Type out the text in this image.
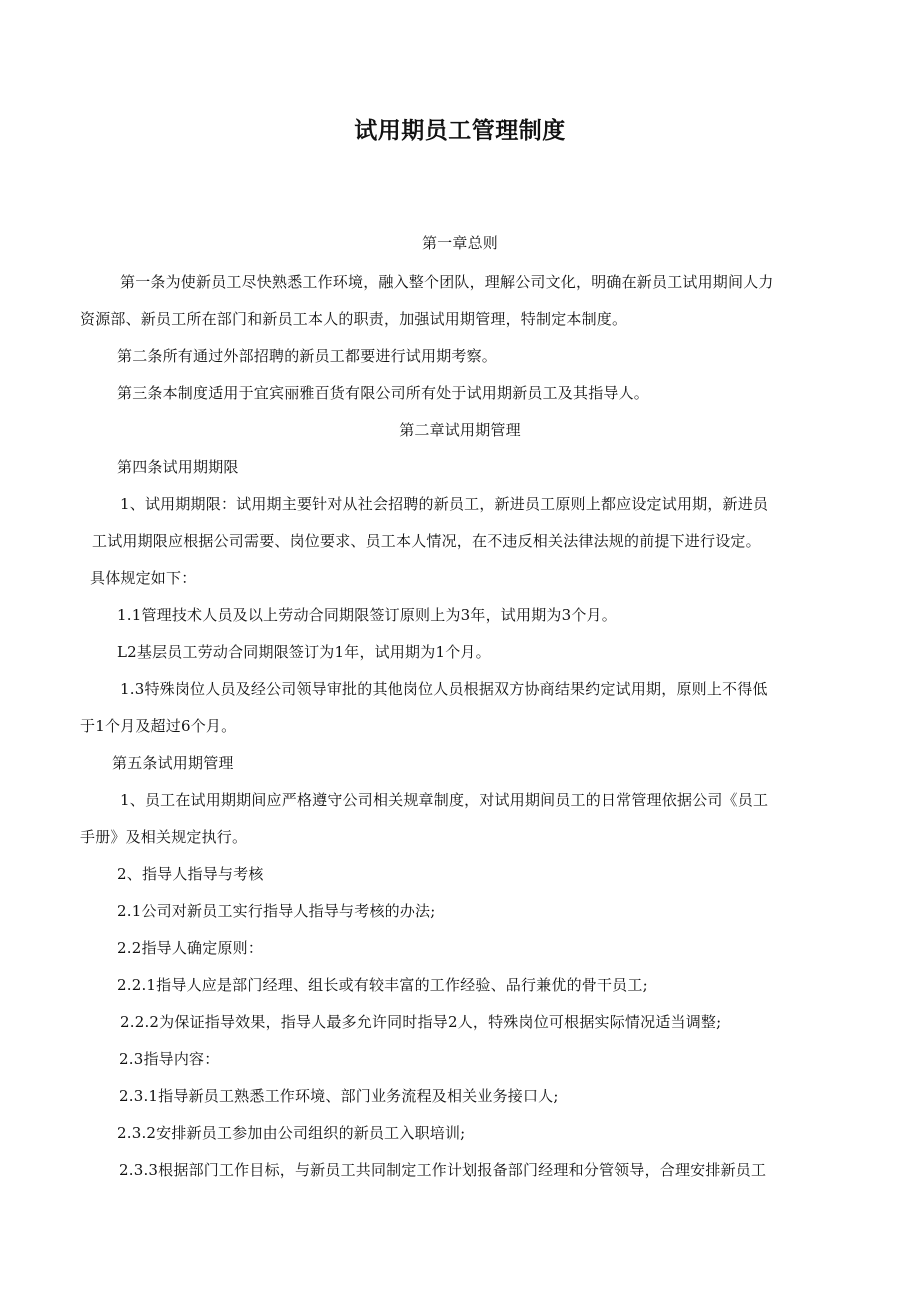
试用期员工管理制度
第一章总则
第一条为使新员工尽快熟悉工作环境，融入整个团队，理解公司文化，明确在新员工试用期间人力
资源部、新员工所在部门和新员工本人的职责，加强试用期管理，特制定本制度。
第二条所有通过外部招聘的新员工都要进行试用期考察。
第三条本制度适用于宜宾丽雅百货有限公司所有处于试用期新员工及其指导人。
第二章试用期管理
第四条试用期期限
1、试用期期限：试用期主要针对从社会招聘的新员工，新进员工原则上都应设定试用期，新进员
工试用期限应根据公司需要、岗位要求、员工本人情况，在不违反相关法律法规的前提下进行设定。
具体规定如下：
1.1管理技术人员及以上劳动合同期限签订原则上为3年，试用期为3个月。
L2基层员工劳动合同期限签订为1年，试用期为1个月。
1.3特殊岗位人员及经公司领导审批的其他岗位人员根据双方协商结果约定试用期，原则上不得低
于1个月及超过6个月。
第五条试用期管理
1、员工在试用期期间应严格遵守公司相关规章制度，对试用期间员工的日常管理依据公司《员工
手册》及相关规定执行。
2、指导人指导与考核
2.1公司对新员工实行指导人指导与考核的办法;
2.2指导人确定原则：
2.2.1指导人应是部门经理、组长或有较丰富的工作经验、品行兼优的骨干员工;
2.2.2为保证指导效果，指导人最多允许同时指导2人，特殊岗位可根据实际情况适当调整;
2.3指导内容：
2.3.1指导新员工熟悉工作环境、部门业务流程及相关业务接口人;
2.3.2安排新员工参加由公司组织的新员工入职培训;
2.3.3根据部门工作目标，与新员工共同制定工作计划报备部门经理和分管领导，合理安排新员工
